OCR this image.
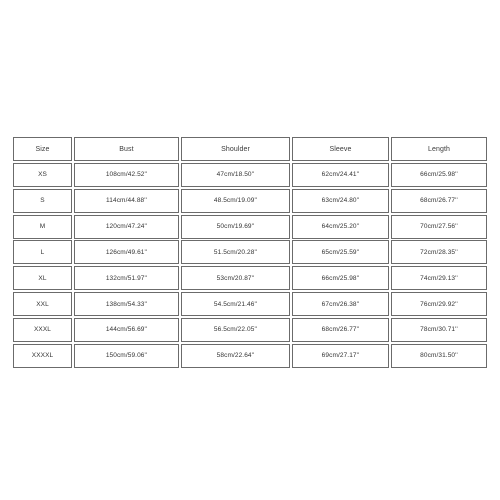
Size	Bust	Shoulder	Sleeve	Length
XS	108cm/42.52''	47cm/18.50''	62cm/24.41''	66cm/25.98''
S	114cm/44.88''	48.5cm/19.09''	63cm/24.80''	68cm/26.77''
M	120cm/47.24''	50cm/19.69''	64cm/25.20''	70cm/27.56''
L	126cm/49.61''	51.5cm/20.28''	65cm/25.59''	72cm/28.35''
XL	132cm/51.97''	53cm/20.87''	66cm/25.98''	74cm/29.13''
XXL	138cm/54.33''	54.5cm/21.46''	67cm/26.38''	76cm/29.92''
XXXL	144cm/56.69''	56.5cm/22.05''	68cm/26.77''	78cm/30.71''
XXXXL	150cm/59.06''	58cm/22.64''	69cm/27.17''	80cm/31.50''
